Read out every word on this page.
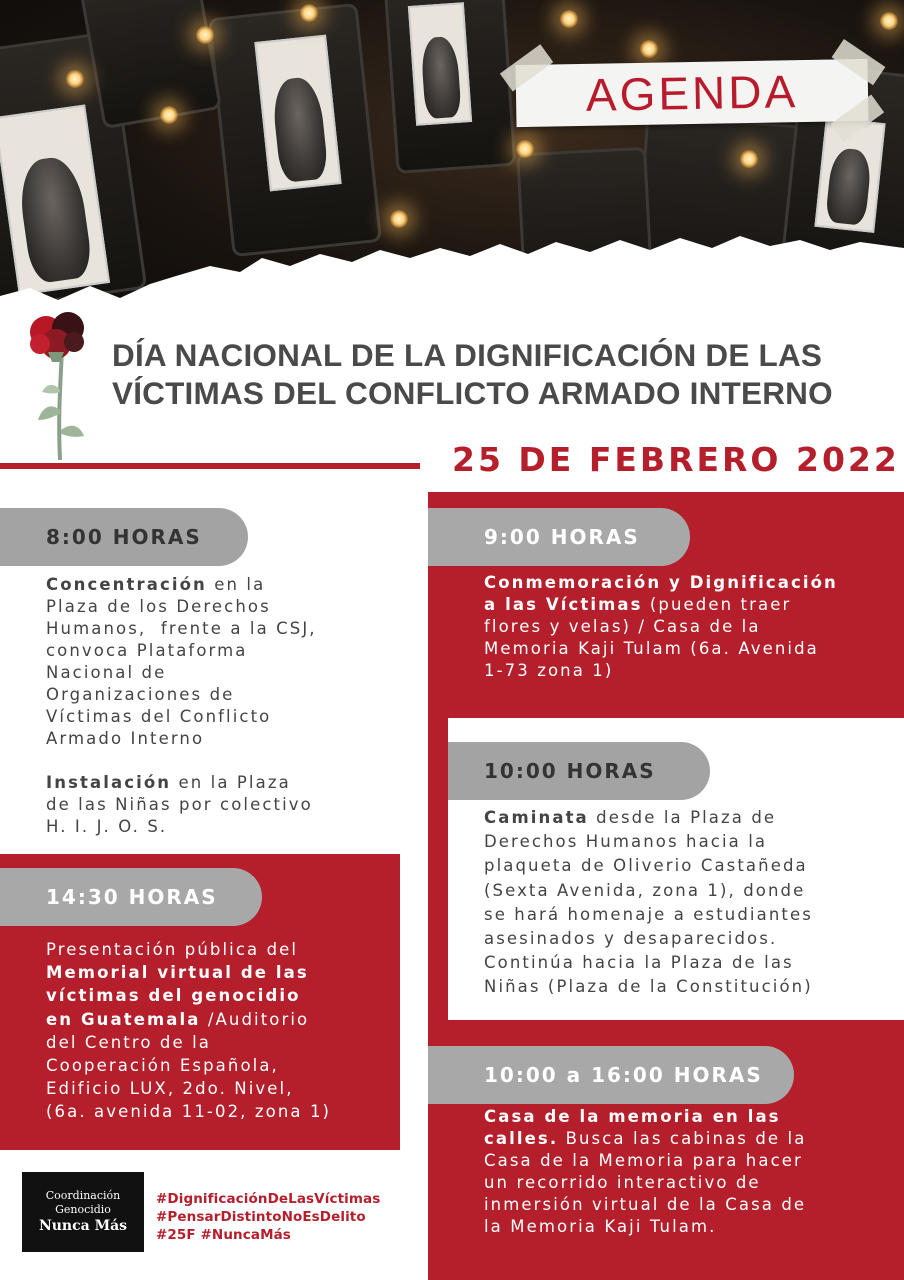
AGENDA
DÍA NACIONAL DE LA DIGNIFICACIÓN DE LAS
VÍCTIMAS DEL CONFLICTO ARMADO INTERNO
25 DE FEBRERO 2022
8:00 HORAS
Concentración en la
Plaza de los Derechos
Humanos,  frente a la CSJ,
convoca Plataforma
Nacional de
Organizaciones de
Víctimas del Conflicto
Armado Interno

Instalación en la Plaza
de las Niñas por colectivo
H. I. J. O. S.
9:00 HORAS
Conmemoración y Dignificación
a las Víctimas (pueden traer
flores y velas) / Casa de la
Memoria Kaji Tulam (6a. Avenida
1-73 zona 1)
10:00 HORAS
Caminata desde la Plaza de
Derechos Humanos hacia la
plaqueta de Oliverio Castañeda
(Sexta Avenida, zona 1), donde
se hará homenaje a estudiantes
asesinados y desaparecidos.
Continúa hacia la Plaza de las
Niñas (Plaza de la Constitución)
14:30 HORAS
Presentación pública del
Memorial virtual de las
víctimas del genocidio
en Guatemala /Auditorio
del Centro de la
Cooperación Española,
Edificio LUX, 2do. Nivel,
(6a. avenida 11-02, zona 1)
10:00 a 16:00 HORAS
Casa de la memoria en las
calles. Busca las cabinas de la
Casa de la Memoria para hacer
un recorrido interactivo de
inmersión virtual de la Casa de
la Memoria Kaji Tulam.
Coordinación
Genocidio
Nunca Más
#DignificaciónDeLasVíctimas
#PensarDistintoNoEsDelito
#25F #NuncaMás
